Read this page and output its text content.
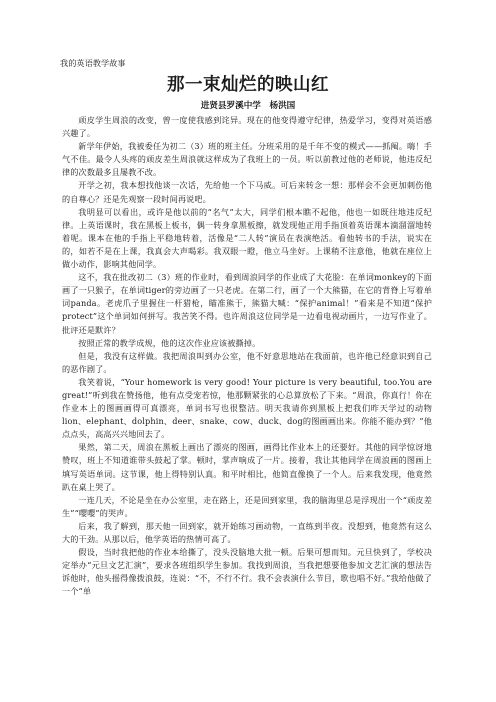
我的英语教学故事
那一束灿烂的映山红
进贤县罗溪中学　杨洪国

顽皮学生周浪的改变，曾一度使我感到诧异。现在的他变得遵守纪律，热爱学习，变得对英语感兴趣了。

新学年伊始，我被委任为初二（3）班的班主任。分班采用的是千年不变的模式——抓阄。嗨！手气不佳。最令人头疼的顽皮差生周浪就这样成为了我班上的一员。听以前教过他的老师说，他违反纪律的次数最多且屡教不改。

开学之初，我本想找他谈一次话，先给他一个下马威。可后来转念一想：那样会不会更加刺伤他的自尊心？还是先观察一段时间再说吧。

我明显可以看出，或许是他以前的“名气”太大，同学们根本瞧不起他，他也一如既往地违反纪律。上英语课时，我在黑板上板书，偶一转身拿黑板擦，就发现他正用手指顶着英语课本滴溜溜地转着呢。课本在他的手指上平稳地转着，活像是“二人转”演员在表演绝活。看他转书的手法，说实在的，如若不是在上课，我真会大声喝彩。我双眼一瞪，他立马坐好。上课稍不注意他，他就在座位上做小动作，影响其他同学。

这不，我在批改初二（3）班的作业时，看到周浪同学的作业成了大花脸：在单词monkey的下面画了一只猴子，在单词tiger的旁边画了一只老虎。在第二行，画了一个大熊猫，在它的背脊上写着单词panda。老虎爪子里握住一杆猎枪，瞄准熊于，熊猫大喊：“保护animal！”看来是不知道“保护protect”这个单词如何拼写。我苦笑不得。也许周浪这位同学是一边看电视动画片，一边写作业了。批评还是默许？

按照正常的教学成规，他的这次作业应该被撕掉。

但是，我没有这样做。我把周浪叫到办公室，他不好意思地站在我面前，也许他已经意识到自己的恶作剧了。

我笑着说，“Your homework is very good! Your picture is very beautiful, too.You are great!”听到我在赞扬他，他有点受宠若惊，他那颗紧张的心总算放松了下来。“周浪，你真行！你在作业本上的图画画得可真漂亮，单词书写也很整洁。明天我请你到黑板上把我们昨天学过的动物lion、elephant、dolphin、deer、snake、cow、duck、dog的图画画出来。你能不能办到？”他点点头，高高兴兴地回去了。

果然，第二天，周浪在黑板上画出了漂亮的图画，画得比作业本上的还要好。其他的同学惊讶地赞叹，班上不知道谁带头鼓起了掌。顿时，掌声响成了一片。接着，我让其他同学在周浪画的图画上填写英语单词。这节课，他上得特别认真。和平时相比，他简直像换了一个人。后来我发现，他竟然趴在桌上哭了。

一连几天，不论是坐在办公室里，走在路上，还是回到家里，我的脑海里总是浮现出一个“顽皮差生”“嘤嘤”的哭声。

后来，我了解到，那天他一回到家，就开始练习画动物，一直练到半夜。没想到，他竟然有这么大的干劲。从那以后，他学英语的热情可高了。

假设，当时我把他的作业本给撕了，没头没脑地大批一顿。后果可想而知。元旦快到了，学校决定举办“元旦文艺汇演”，要求各班组织学生参加。我找到周浪，当我把想要他参加文艺汇演的想法告诉他时，他头摇得像拨浪鼓，连说：“不，不行不行。我不会表演什么节目，歌也唱不好。”我给他做了一个“单
